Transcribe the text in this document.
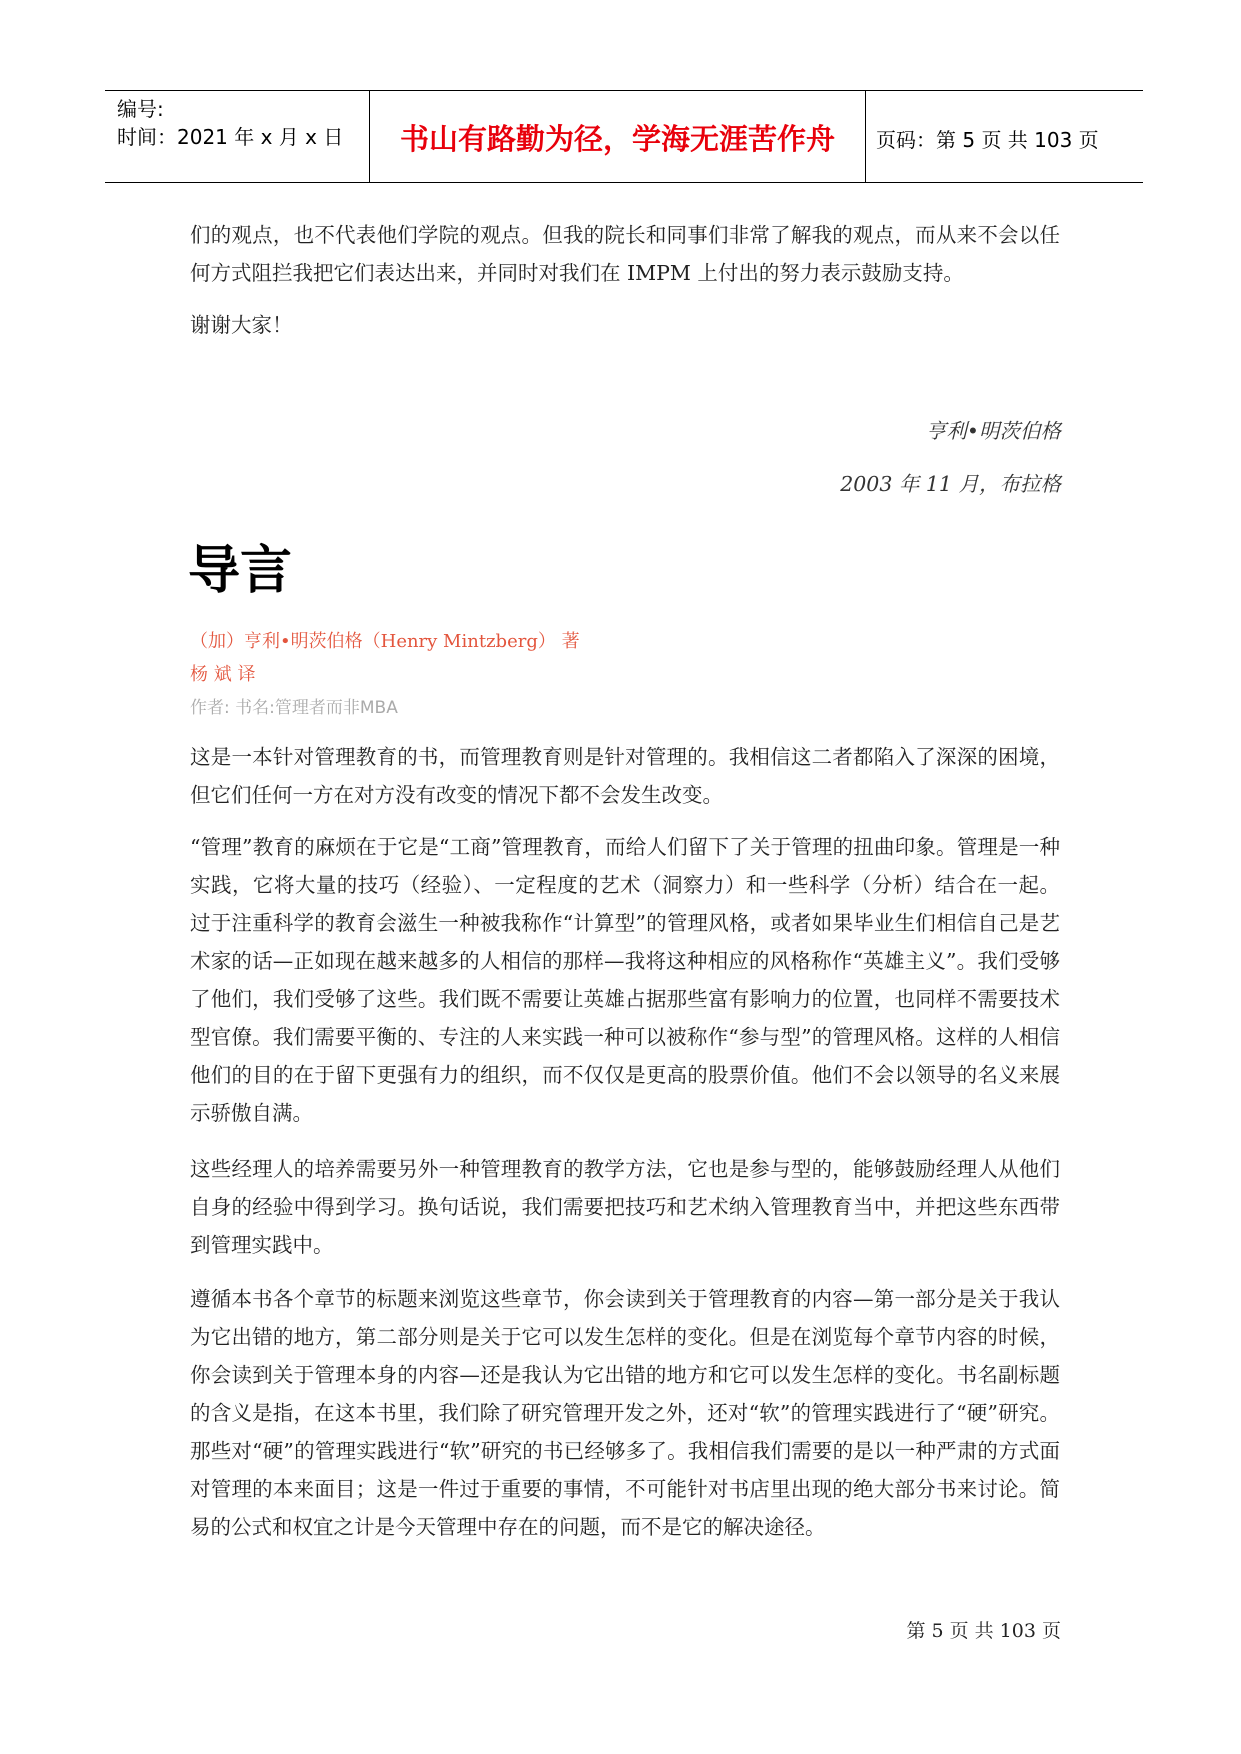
编号:
时间：2021 年 x 月 x 日	书山有路勤为径，学海无涯苦作舟	页码：第 5 页 共 103 页

们的观点，也不代表他们学院的观点。但我的院长和同事们非常了解我的观点，而从来不会以任何方式阻拦我把它们表达出来，并同时对我们在 IMPM 上付出的努力表示鼓励支持。

谢谢大家！

亨利•明茨伯格
2003 年 11 月，布拉格
导言
（加）亨利•明茨伯格（Henry Mintzberg） 著
杨 斌 译
作者: 书名:管理者而非MBA

这是一本针对管理教育的书，而管理教育则是针对管理的。我相信这二者都陷入了深深的困境，但它们任何一方在对方没有改变的情况下都不会发生改变。

“管理”教育的麻烦在于它是“工商”管理教育，而给人们留下了关于管理的扭曲印象。管理是一种实践，它将大量的技巧（经验）、一定程度的艺术（洞察力）和一些科学（分析）结合在一起。过于注重科学的教育会滋生一种被我称作“计算型”的管理风格，或者如果毕业生们相信自己是艺术家的话—正如现在越来越多的人相信的那样—我将这种相应的风格称作“英雄主义”。我们受够了他们，我们受够了这些。我们既不需要让英雄占据那些富有影响力的位置，也同样不需要技术型官僚。我们需要平衡的、专注的人来实践一种可以被称作“参与型”的管理风格。这样的人相信他们的目的在于留下更强有力的组织，而不仅仅是更高的股票价值。他们不会以领导的名义来展示骄傲自满。

这些经理人的培养需要另外一种管理教育的教学方法，它也是参与型的，能够鼓励经理人从他们自身的经验中得到学习。换句话说，我们需要把技巧和艺术纳入管理教育当中，并把这些东西带到管理实践中。

遵循本书各个章节的标题来浏览这些章节，你会读到关于管理教育的内容—第一部分是关于我认为它出错的地方，第二部分则是关于它可以发生怎样的变化。但是在浏览每个章节内容的时候，你会读到关于管理本身的内容—还是我认为它出错的地方和它可以发生怎样的变化。书名副标题的含义是指，在这本书里，我们除了研究管理开发之外，还对“软”的管理实践进行了“硬”研究。那些对“硬”的管理实践进行“软”研究的书已经够多了。我相信我们需要的是以一种严肃的方式面对管理的本来面目；这是一件过于重要的事情，不可能针对书店里出现的绝大部分书来讨论。简易的公式和权宜之计是今天管理中存在的问题，而不是它的解决途径。

第 5 页 共 103 页
